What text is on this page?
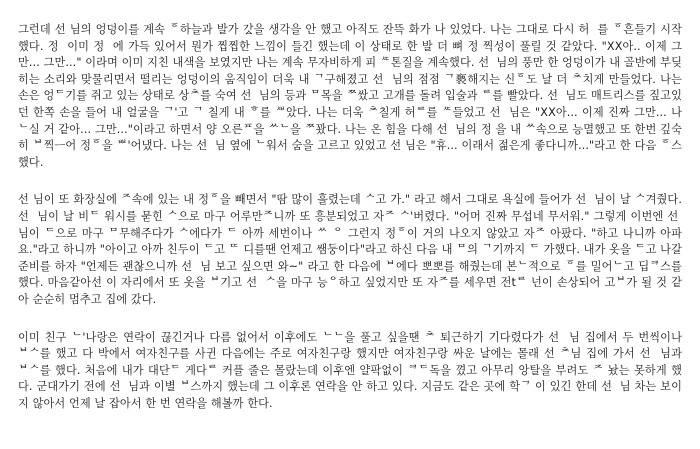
그런데 선 님의 엉덩이를 계속 ᅙ하늘과 발가 가ᇫ을 생각을 안 했고 아직도 잔뜩 화가 나 있었다. 나는 그대로 다시 허  를 ᅙ흔들기 시작했다. 정  이미 정  에 가득 있어서 뭔가 찝찝한 느낌이 들긴 했는데 이 상태로 한 발 더 뼈 정 찍성이 풀릴 것 같았다. "XX아.. 이제 그만... 그만..." 이라며 이미 지친 내색을 보였지만 나는 계속 무자비하게 피 ᄯ톤질을 계속했다. 선  님의 풍만 한 엉덩이가 내 골반에 부딪히는 소리와 맞물리면서 떨리는 엉덩이의 움직임이 더욱 내 ᄀ구해졌고 선  님의 점점 ᄀ褻해지는 신ᅙ도 날 더 ᄎ치게 만들었다. 나는 손은 엉ᄃ기를 쥐고 있는 상태로 상ᄎ를 숙여 선  님의 등과 ᄆ목을 ᄍ쌌고 고개를 돌려 입술과 ᄅ를 빨았다. 선  님도 매트리스를 짚고있던 한쪽 손을 들어 내 얼굴을 ᄀ'고 ᄀ 칠게 내 ᄒ를 ᄲ았다. 나는 더욱 ᄎ칠게 허ᄅ를 ᄯ들었고 선  님은 "XX아... 이제 진짜 그만... 나 ᄂ실 거 같아... 그만..."이라고 하면서 양 오른ᄑ을 ᄊᄂ을 ᄍ꽜다. 나는 온 힘을 다해 선  님의 정 을 내 ᄊ속으로 능멸했고 또 한번 깊숙히 ᄇ찍ᅳ어 정ᅙ을 ᄈ'어냈다. 나는 선  님 옆에 ᄂ워서 숨을 고르고 있었고 선 님은 "휴... 이래서 젊은게 좋다니까..."라고 한 다음 ᅙ스했다.

선 님이 또 화장실에 ᄌ속에 있는 내 정ᅙ을 빼면서 "땀 많이 흘렸는데 ᄉ고 가." 라고 해서 그대로 욕실에 들어가 선  님이 날 ᄉ겨줬다. 선  님이 날 비ᄃ 워시를 묻힌 ᄉ으로 마구 어루만ᄌ니까 또 흥분되었고 자ᄌ ᄉ'버렸다. "어머 진짜 무섭네 무서워." 그렇게 이번엔 선  님이 ᄃ으로 마구 ᄆ무해주다가 ᄉ에다가 ᄃ 아까 세번이나 ᄊ ᄋ 그런지 정ᅙ이 거의 나오지 않았고 자ᄌ 아팠다. "하고 나니까 아파요."라고 하니까 "아이고 아까 친두이 ᄃ고 ᄄ 디를땐 언제고 쌤둥이다"라고 하신 다음 내 ᄆ의 ᄀ기까지 ᄃ 가했다. 내가 옷을 ᄃ고 나갈 준비를 하자 "언제든 괜찮으니까 선  님 보고 싶으면 와~" 라고 한 다음에 ᄇ에다 뽀뽀를 해줬는데 본ᄂ적으로 ᅙ를 밀어ᄂ고 딥ᄏ스를 했다. 마음같아선 이 자리에서 또 옷을 ᄇ기고 선  ᄉ을 마구 능ᄋ하고 싶었지만 또 자ᄌ를 세우면 전tᄅ 넌이 손상되어 고ᄇ가 될 것 같아 순순히 멈추고 집에 갔다.

이미 친구 ᄂ'나랑은 연락이 끊긴거나 다름 없어서 이후에도 ᄂᄂ을 풀고 싶을땐 ᄎ 퇴근하기 기다렸다가 선  님 집에서 두 번씩이나 ᄇᄉ를 했고 다 박에서 여자친구를 사귄 다음에는 주로 여자친구랑 했지만 여자친구랑 싸운 날에는 몰래 선 ᄎ님 집에 가서 선  님과 ᄇᄉ를 했다. 처음에 내가 대단ᄃ 게다ᄅ 커플 줄은 몰랐는데 이후엔 얄팍없이 ᄏᄃ독을 꼈고 아무리 앙탈을 부려도 ᄌ 놨는 못하게 했다. 군대가기 전에 선  님과 이별 ᄇ스까지 했는데 그 이후론 연락을 안 하고 있다. 지금도 같은 곳에 학ᄀ 이 있긴 한데 선  님 차는 보이지 않아서 언제 날 잡아서 한 번 연락을 해볼까 한다.
